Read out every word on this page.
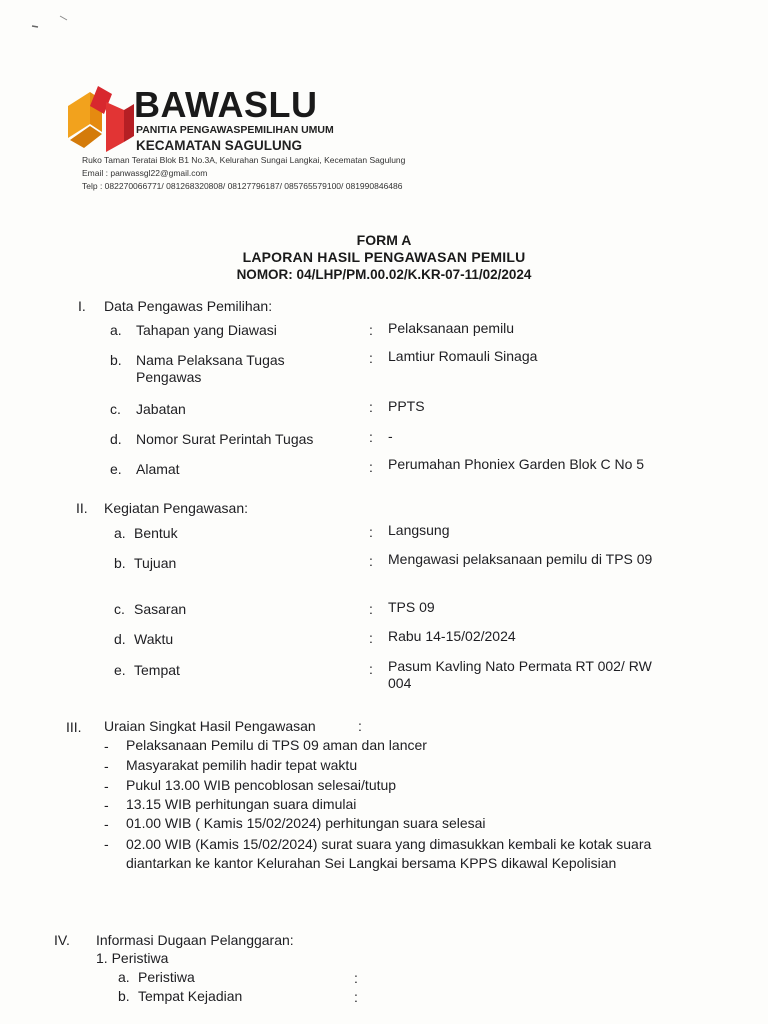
BAWASLU
PANITIA PENGAWASPEMILIHAN UMUM
KECAMATAN SAGULUNG
Ruko Taman Teratai Blok B1 No.3A, Kelurahan Sungai Langkai, Kecematan Sagulung
Email : panwassgl22@gmail.com
Telp : 082270066771/ 081268320808/ 08127796187/ 085765579100/ 081990846486
FORM A
LAPORAN HASIL PENGAWASAN PEMILU
NOMOR: 04/LHP/PM.00.02/K.KR-07-11/02/2024
I. Data Pengawas Pemilihan:
a. Tahapan yang Diawasi	: Pelaksanaan pemilu
b. Nama Pelaksana Tugas Pengawas
: Lamtiur Romauli Sinaga
c. Jabatan	: PPTS
d. Nomor Surat Perintah Tugas	: -
e. Alamat	: Perumahan Phoniex Garden Blok C No 5
II. Kegiatan Pengawasan:
a. Bentuk	: Langsung
b. Tujuan	: Mengawasi pelaksanaan pemilu di TPS 09
c. Sasaran	: TPS 09
d. Waktu	: Rabu 14-15/02/2024
e. Tempat	: Pasum Kavling Nato Permata RT 002/ RW 004
III. Uraian Singkat Hasil Pengawasan	:
- Pelaksanaan Pemilu di TPS 09 aman dan lancer
- Masyarakat pemilih hadir tepat waktu
- Pukul 13.00 WIB pencoblosan selesai/tutup
- 13.15 WIB perhitungan suara dimulai
- 01.00 WIB ( Kamis 15/02/2024) perhitungan suara selesai
- 02.00 WIB (Kamis 15/02/2024) surat suara yang dimasukkan kembali ke kotak suara diantarkan ke kantor Kelurahan Sei Langkai bersama KPPS dikawal Kepolisian
IV. Informasi Dugaan Pelanggaran:
1. Peristiwa
a. Peristiwa	:
b. Tempat Kejadian	:
